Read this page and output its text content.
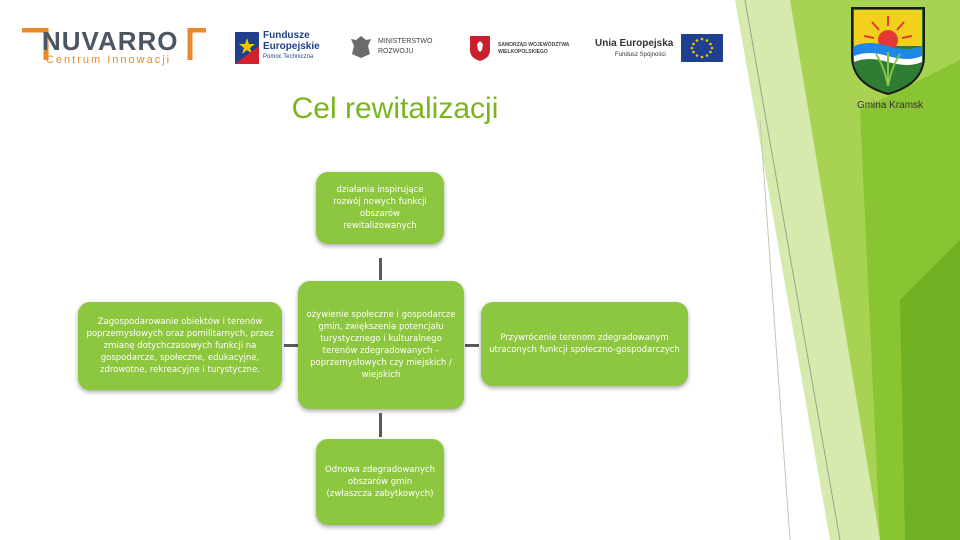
NUVARRO
Centrum Innowacji
Fundusze
Europejskie
Pomoc Techniczna
MINISTERSTWO
ROZWOJU
SAMORZĄD WOJEWÓDZTWA
WIELKOPOLSKIEGO
Unia Europejska
Fundusz Spójności
Gmina Kramsk
Cel rewitalizacji
działania inspirujące rozwój nowych funkcji obszarów rewitalizowanych
Zagospodarowanie obiektów i terenów poprzemysłowych oraz pomilitarnych, przez zmianę dotychczasowych funkcji na gospodarcze, społeczne, edukacyjne, zdrowotne, rekreacyjne i turystyczne.
ożywienie społeczne i gospodarcze gmin, zwiększenia potencjału turystycznego i kulturalnego terenów zdegradowanych – poprzemysłowych czy miejskich / wiejskich
Przywrócenie terenom zdegradowanym utraconych funkcji społeczno-gospodarczych
Odnowa zdegradowanych obszarów gmin (zwłaszcza zabytkowych)
